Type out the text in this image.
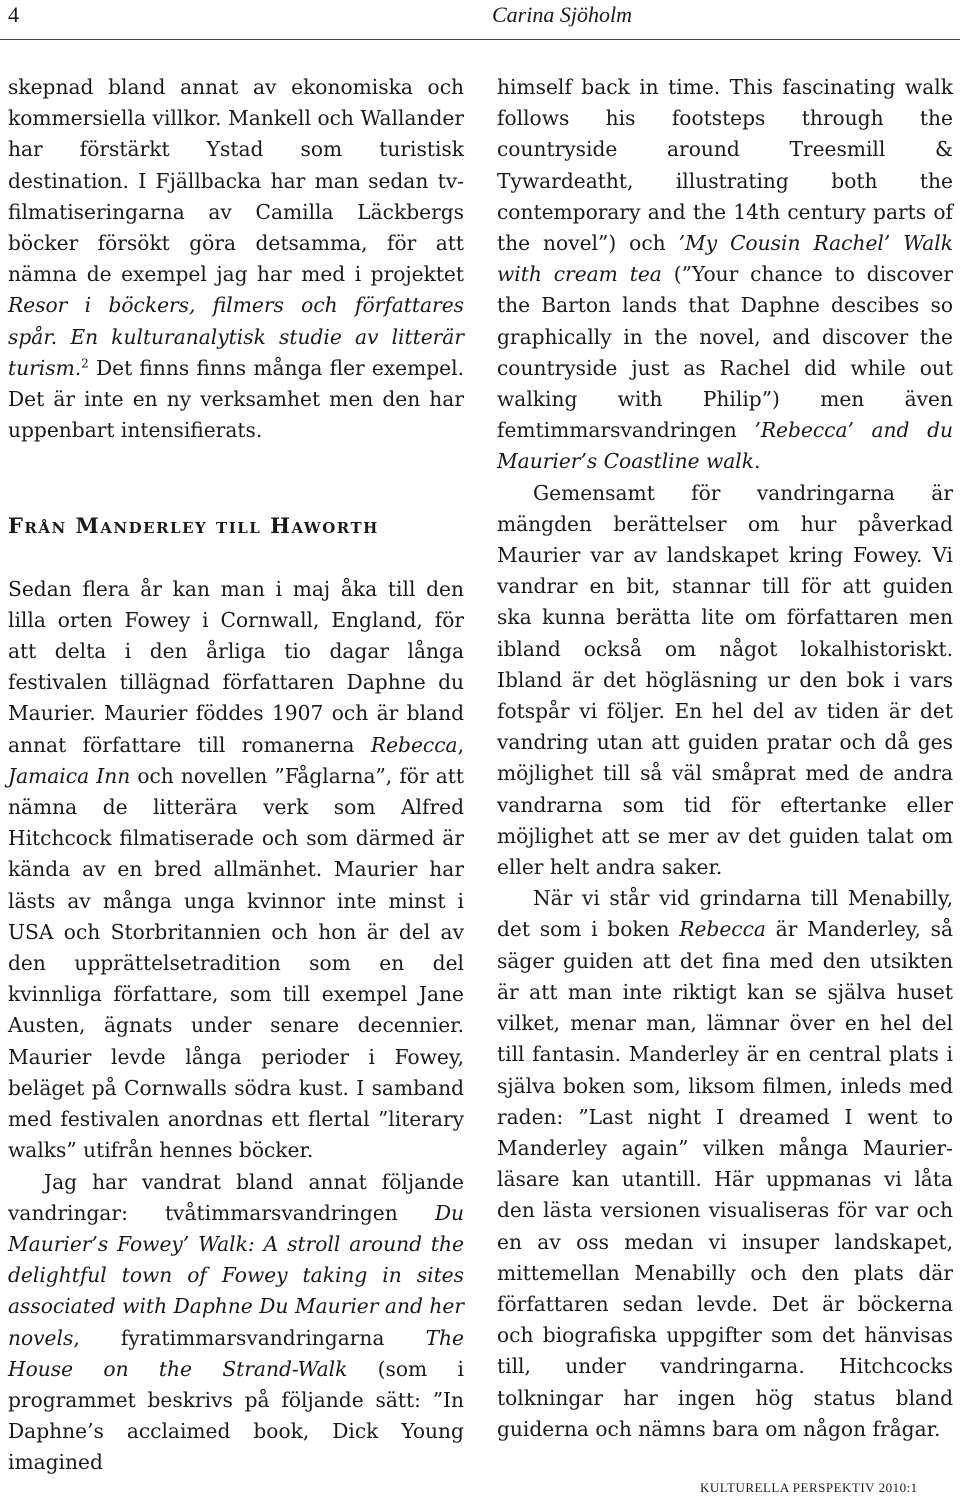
4	Carina Sjöholm

skepnad bland annat av ekonomiska och kommersiella villkor. Mankell och Wallander har förstärkt Ystad som turistisk destination. I Fjällbacka har man sedan tv-filmatiseringarna av Camilla Läckbergs böcker försökt göra detsamma, för att nämna de exempel jag har med i projektet Resor i böckers, filmers och författares spår. En kulturanalytisk studie av litterär turism.$^2$ Det finns finns många fler exempel. Det är inte en ny verksamhet men den har uppenbart intensifierats.

Från Manderley till Haworth

Sedan flera år kan man i maj åka till den lilla orten Fowey i Cornwall, England, för att delta i den årliga tio dagar långa festivalen tillägnad författaren Daphne du Maurier. Maurier föddes 1907 och är bland annat författare till romanerna Rebecca, Jamaica Inn och novellen ”Fåglarna”, för att nämna de litterära verk som Alfred Hitchcock filmatiserade och som därmed är kända av en bred allmänhet. Maurier har lästs av många unga kvinnor inte minst i USA och Storbritannien och hon är del av den upprättelsetradition som en del kvinnliga författare, som till exempel Jane Austen, ägnats under senare decennier. Maurier levde långa perioder i Fowey, beläget på Cornwalls södra kust. I samband med festivalen anordnas ett flertal ”literary walks” utifrån hennes böcker.

Jag har vandrat bland annat följande vandringar: tvåtimmarsvandringen Du Maurier’s Fowey’ Walk: A stroll around the delightful town of Fowey taking in sites associated with Daphne Du Maurier and her novels, fyratimmarsvandringarna The House on the Strand-Walk (som i programmet beskrivs på följande sätt: ”In Daphne’s acclaimed book, Dick Young imagined

himself back in time. This fascinating walk follows his footsteps through the countryside around Treesmill & Tywardeatht, illustrating both the contemporary and the 14th century parts of the novel”) och ’My Cousin Rachel’ Walk with cream tea (”Your chance to discover the Barton lands that Daphne descibes so graphically in the novel, and discover the countryside just as Rachel did while out walking with Philip”) men även femtimmarsvandringen ’Rebecca’ and du Maurier’s Coastline walk.

Gemensamt för vandringarna är mängden berättelser om hur påverkad Maurier var av landskapet kring Fowey. Vi vandrar en bit, stannar till för att guiden ska kunna berätta lite om författaren men ibland också om något lokalhistoriskt. Ibland är det högläsning ur den bok i vars fotspår vi följer. En hel del av tiden är det vandring utan att guiden pratar och då ges möjlighet till så väl småprat med de andra vandrarna som tid för eftertanke eller möjlighet att se mer av det guiden talat om eller helt andra saker.

När vi står vid grindarna till Menabilly, det som i boken Rebecca är Manderley, så säger guiden att det fina med den utsikten är att man inte riktigt kan se själva huset vilket, menar man, lämnar över en hel del till fantasin. Manderley är en central plats i själva boken som, liksom filmen, inleds med raden: ”Last night I dreamed I went to Manderley again” vilken många Maurier-läsare kan utantill. Här uppmanas vi låta den lästa versionen visualiseras för var och en av oss medan vi insuper landskapet, mittemellan Menabilly och den plats där författaren sedan levde. Det är böckerna och biografiska uppgifter som det hänvisas till, under vandringarna. Hitchcocks tolkningar har ingen hög status bland guiderna och nämns bara om någon frågar.

KULTURELLA PERSPEKTIV 2010:1
